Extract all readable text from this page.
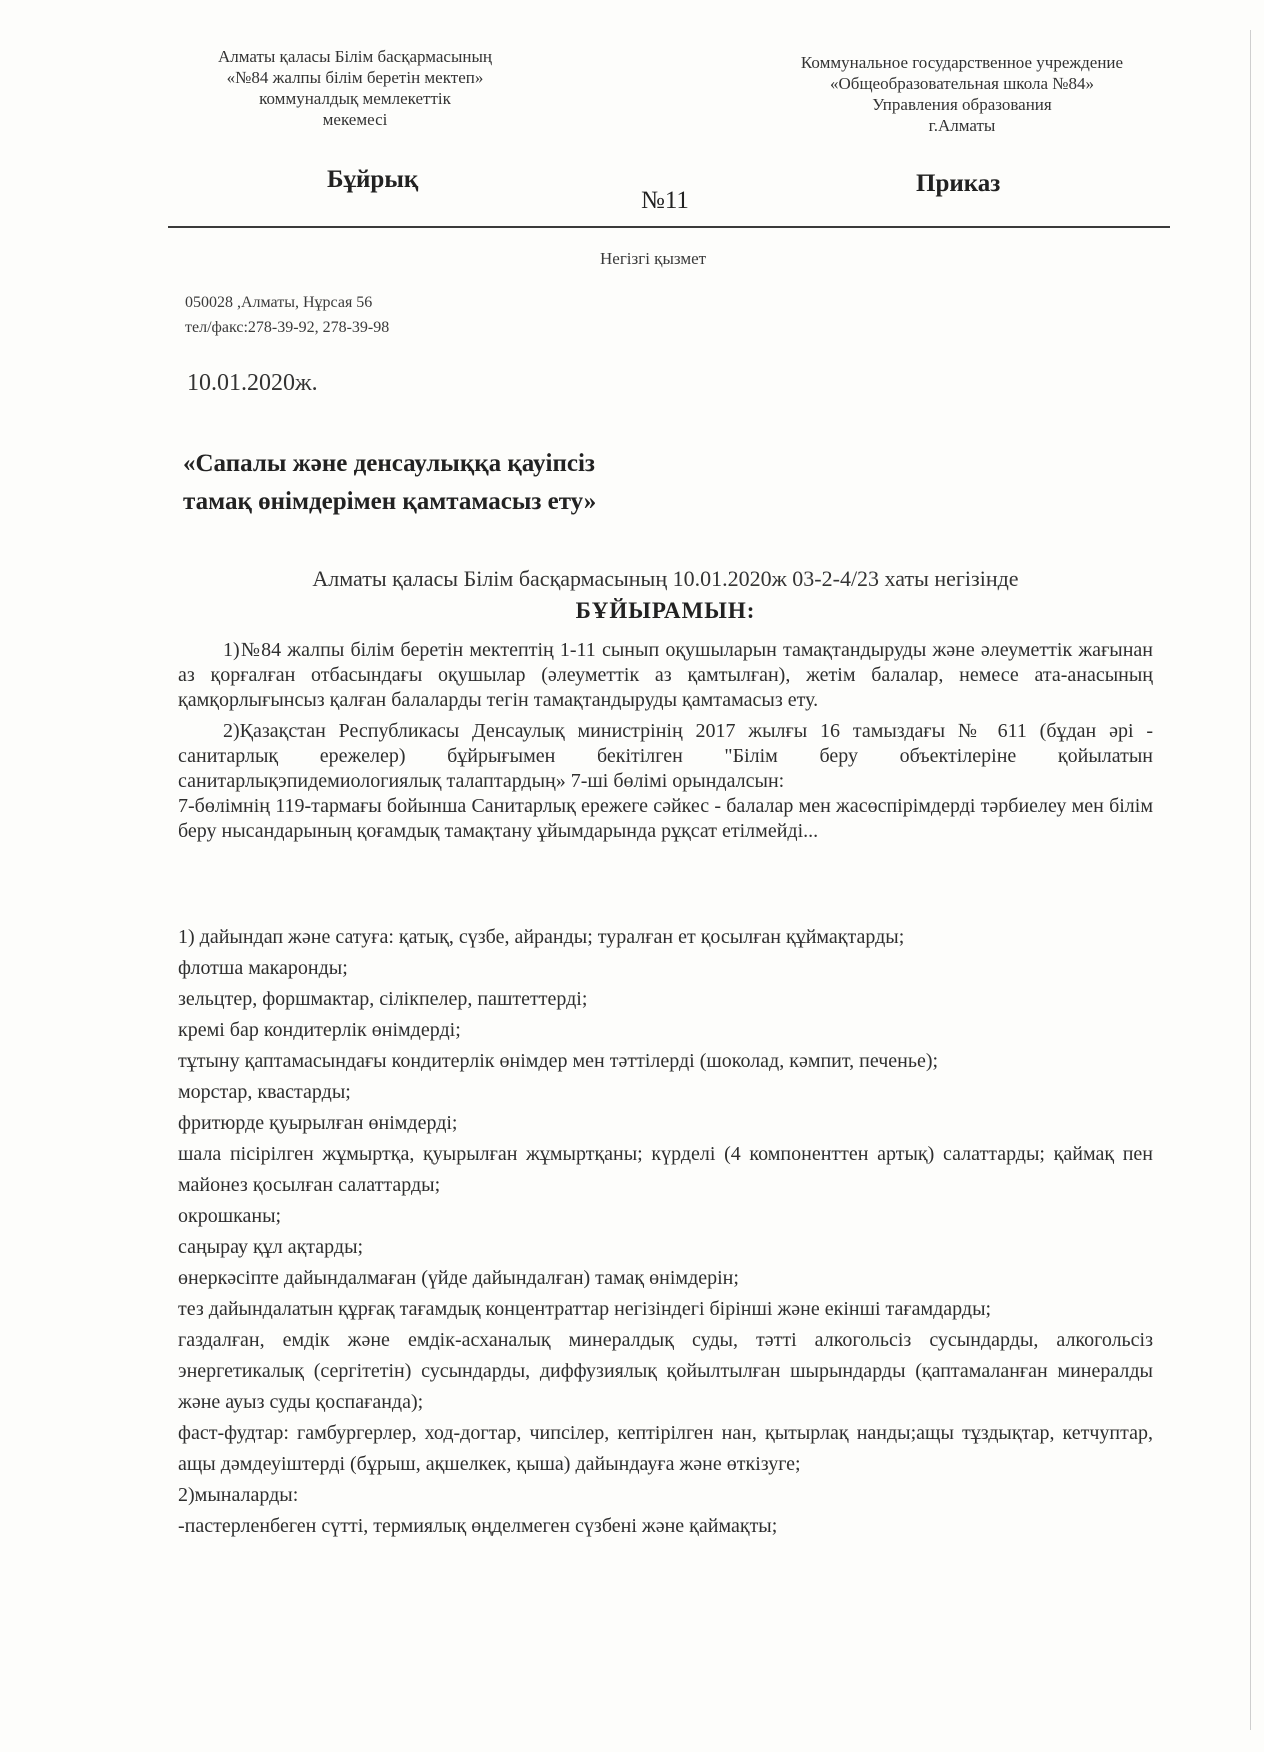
Алматы қаласы Білім басқармасының
«№84 жалпы білім беретін мектеп»
коммуналдық мемлекеттік
мекемесі
Коммунальное государственное учреждение
«Общеобразовательная школа №84»
Управления образования
г.Алматы
Бұйрық	Приказ
№11
Негізгі қызмет
050028 ,Алматы, Нұрсая 56
тел/факс:278-39-92, 278-39-98
10.01.2020ж.
«Сапалы және денсаулыққа қауіпсіз
тамақ өнімдерімен қамтамасыз ету»
Алматы қаласы Білім басқармасының 10.01.2020ж 03-2-4/23 хаты негізінде
БҰЙЫРАМЫН:

1)№84 жалпы білім беретін мектептің 1-11 сынып оқушыларын тамақтандыруды және әлеуметтік жағынан аз қорғалған отбасындағы оқушылар (әлеуметтік аз қамтылған), жетім балалар, немесе ата-анасының қамқорлығынсыз қалған балаларды тегін тамақтандыруды қамтамасыз ету.

2)Қазақстан Республикасы Денсаулық министрінің 2017 жылғы 16 тамыздағы № 611 (бұдан әрі - санитарлық ережелер) бұйрығымен бекітілген "Білім беру объектілеріне қойылатын санитарлықэпидемиологиялық талаптардың» 7-ші бөлімі орындалсын:

7-бөлімнің 119-тармағы бойынша Санитарлық ережеге сәйкес - балалар мен жасөспірімдерді тәрбиелеу мен білім беру нысандарының қоғамдық тамақтану ұйымдарында рұқсат етілмейді...

1) дайындап және сатуға: қатық, сүзбе, айранды; туралған ет қосылған құймақтарды;
флотша макаронды;
зельцтер, форшмактар, сілікпелер, паштеттерді;
кремі бар кондитерлік өнімдерді;
тұтыну қаптамасындағы кондитерлік өнімдер мен тәттілерді (шоколад, кәмпит, печенье);
морстар, квастарды;
фритюрде қуырылған өнімдерді;
шала пісірілген жұмыртқа, қуырылған жұмыртқаны; күрделі (4 компоненттен артық) салаттарды; қаймақ пен майонез қосылған салаттарды;
окрошканы;
саңырау құл ақтарды;
өнеркәсіпте дайындалмаған (үйде дайындалған) тамақ өнімдерін;
тез дайындалатын құрғақ тағамдық концентраттар негізіндегі бірінші және екінші тағамдарды;
газдалған, емдік және емдік-асханалық минералдық суды, тәтті алкогольсіз сусындарды, алкогольсіз энергетикалық (сергітетін) сусындарды, диффузиялық қойылтылған шырындарды (қаптамаланған минералды және ауыз суды қоспағанда);
фаст-фудтар: гамбургерлер, ход-догтар, чипсілер, кептірілген нан, қытырлақ нанды;ащы тұздықтар, кетчуптар, ащы дәмдеуіштерді (бұрыш, ақшелкек, қыша) дайындауға және өткізуге;
2)мыналарды:
-пастерленбеген сүтті, термиялық өңделмеген сүзбені және қаймақты;
